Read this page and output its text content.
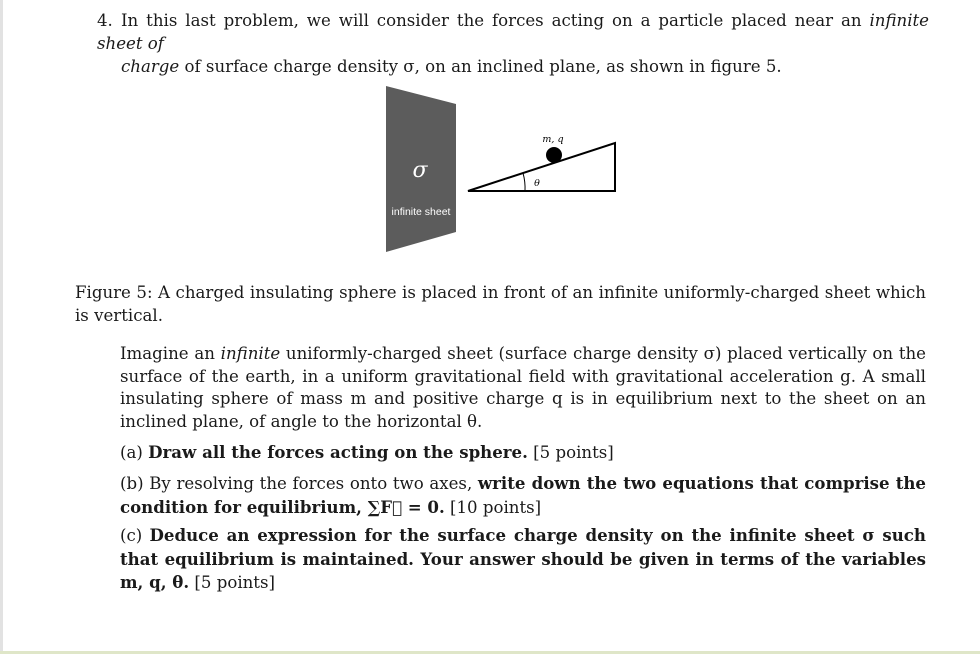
4. In this last problem, we will consider the forces acting on a particle placed near an infinite sheet of
charge of surface charge density σ, on an inclined plane, as shown in figure 5.

σ
infinite sheet
θ
m, q

Figure 5: A charged insulating sphere is placed in front of an infinite uniformly-charged sheet which is vertical.

Imagine an infinite uniformly-charged sheet (surface charge density σ) placed vertically on the surface of the earth, in a uniform gravitational field with gravitational acceleration g. A small insulating sphere of mass m and positive charge q is in equilibrium next to the sheet on an inclined plane, of angle to the horizontal θ.

(a) Draw all the forces acting on the sphere. [5 points]

(b) By resolving the forces onto two axes, write down the two equations that comprise the condition for equilibrium, ∑F⃗ = 0. [10 points]

(c) Deduce an expression for the surface charge density on the infinite sheet σ such that equilibrium is maintained. Your answer should be given in terms of the variables m, q, θ. [5 points]
